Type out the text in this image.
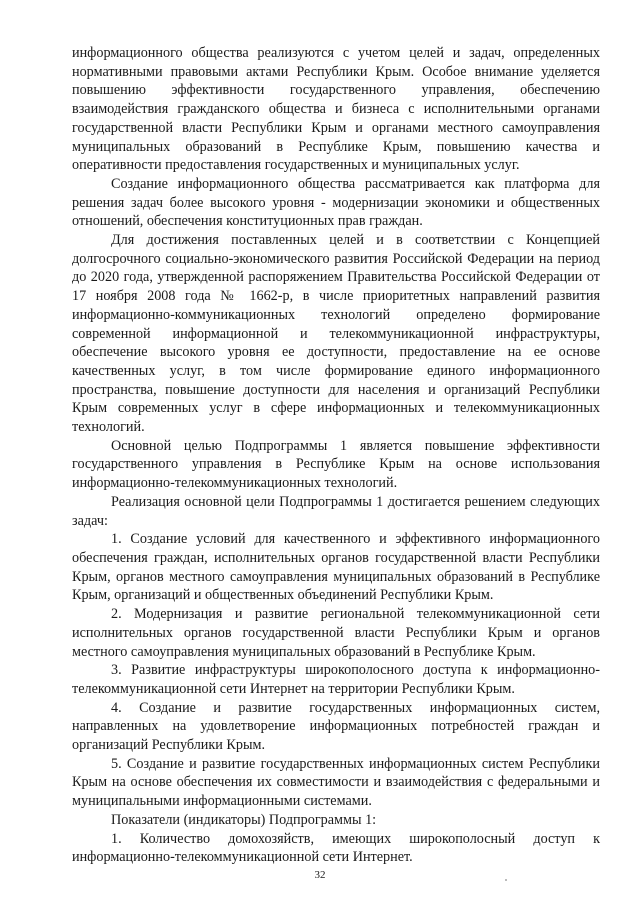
информационного общества реализуются с учетом целей и задач, определенных нормативными правовыми актами Республики Крым. Особое внимание уделяется повышению эффективности государственного управления, обеспечению взаимодействия гражданского общества и бизнеса с исполнительными органами государственной власти Республики Крым и органами местного самоуправления муниципальных образований в Республике Крым, повышению качества и оперативности предоставления государственных и муниципальных услуг.

Создание информационного общества рассматривается как платформа для решения задач более высокого уровня - модернизации экономики и общественных отношений, обеспечения конституционных прав граждан.

Для достижения поставленных целей и в соответствии с Концепцией долгосрочного социально-экономического развития Российской Федерации на период до 2020 года, утвержденной распоряжением Правительства Российской Федерации от 17 ноября 2008 года № 1662-р, в числе приоритетных направлений развития информационно-коммуникационных технологий определено формирование современной информационной и телекоммуникационной инфраструктуры, обеспечение высокого уровня ее доступности, предоставление на ее основе качественных услуг, в том числе формирование единого информационного пространства, повышение доступности для населения и организаций Республики Крым современных услуг в сфере информационных и телекоммуникационных технологий.

Основной целью Подпрограммы 1 является повышение эффективности государственного управления в Республике Крым на основе использования информационно-телекоммуникационных технологий.

Реализация основной цели Подпрограммы 1 достигается решением следующих задач:

1. Создание условий для качественного и эффективного информационного обеспечения граждан, исполнительных органов государственной власти Республики Крым, органов местного самоуправления муниципальных образований в Республике Крым, организаций и общественных объединений Республики Крым.

2. Модернизация и развитие региональной телекоммуникационной сети исполнительных органов государственной власти Республики Крым и органов местного самоуправления муниципальных образований в Республике Крым.

3. Развитие инфраструктуры широкополосного доступа к информационно-телекоммуникационной сети Интернет на территории Республики Крым.

4. Создание и развитие государственных информационных систем, направленных на удовлетворение информационных потребностей граждан и организаций Республики Крым.

5. Создание и развитие государственных информационных систем Республики Крым на основе обеспечения их совместимости и взаимодействия с федеральными и муниципальными информационными системами.

Показатели (индикаторы) Подпрограммы 1:

1. Количество домохозяйств, имеющих широкополосный доступ к информационно-телекоммуникационной сети Интернет.

32
